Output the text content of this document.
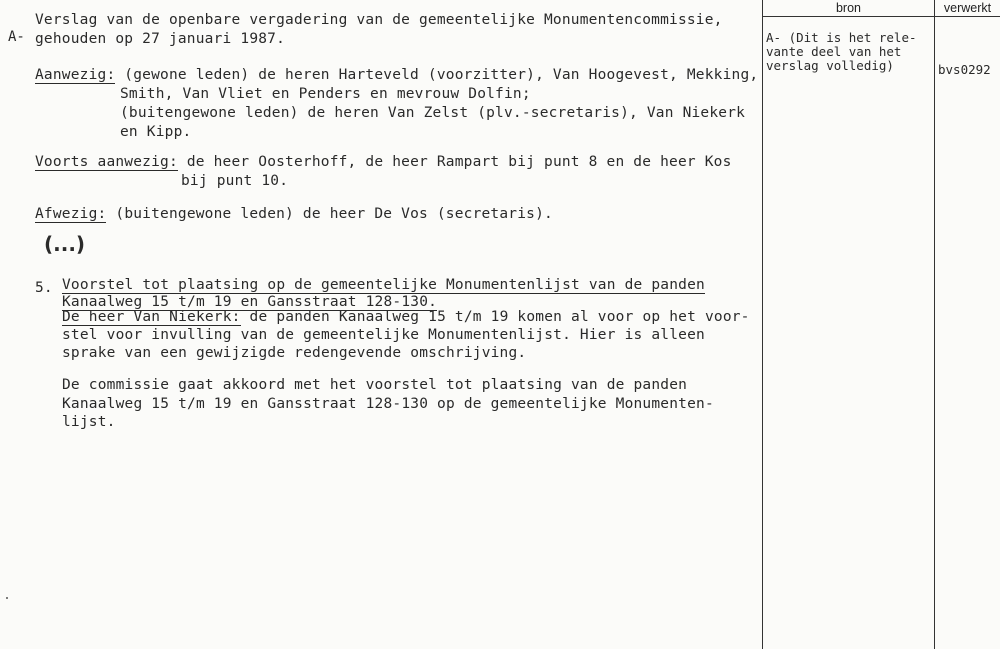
A-
Verslag van de openbare vergadering van de gemeentelijke Monumentencommissie,
gehouden op 27 januari 1987.
Aanwezig: (gewone leden) de heren Harteveld (voorzitter), Van Hoogevest, Mekking,
Smith, Van Vliet en Penders en mevrouw Dolfin;
(buitengewone leden) de heren Van Zelst (plv.-secretaris), Van Niekerk
en Kipp.
Voorts aanwezig: de heer Oosterhoff, de heer Rampart bij punt 8 en de heer Kos
bij punt 10.
Afwezig: (buitengewone leden) de heer De Vos (secretaris).
(...)
5. Voorstel tot plaatsing op de gemeentelijke Monumentenlijst van de panden
Kanaalweg 15 t/m 19 en Gansstraat 128-130.
De heer Van Niekerk: de panden Kanaalweg 15 t/m 19 komen al voor op het voor-
stel voor invulling van de gemeentelijke Monumentenlijst. Hier is alleen
sprake van een gewijzigde redengevende omschrijving.
De commissie gaat akkoord met het voorstel tot plaatsing van de panden
Kanaalweg 15 t/m 19 en Gansstraat 128-130 op de gemeentelijke Monumenten-
lijst.
bron	verwerkt
A- (Dit is het rele-
vante deel van het
verslag volledig)	bvs0292
